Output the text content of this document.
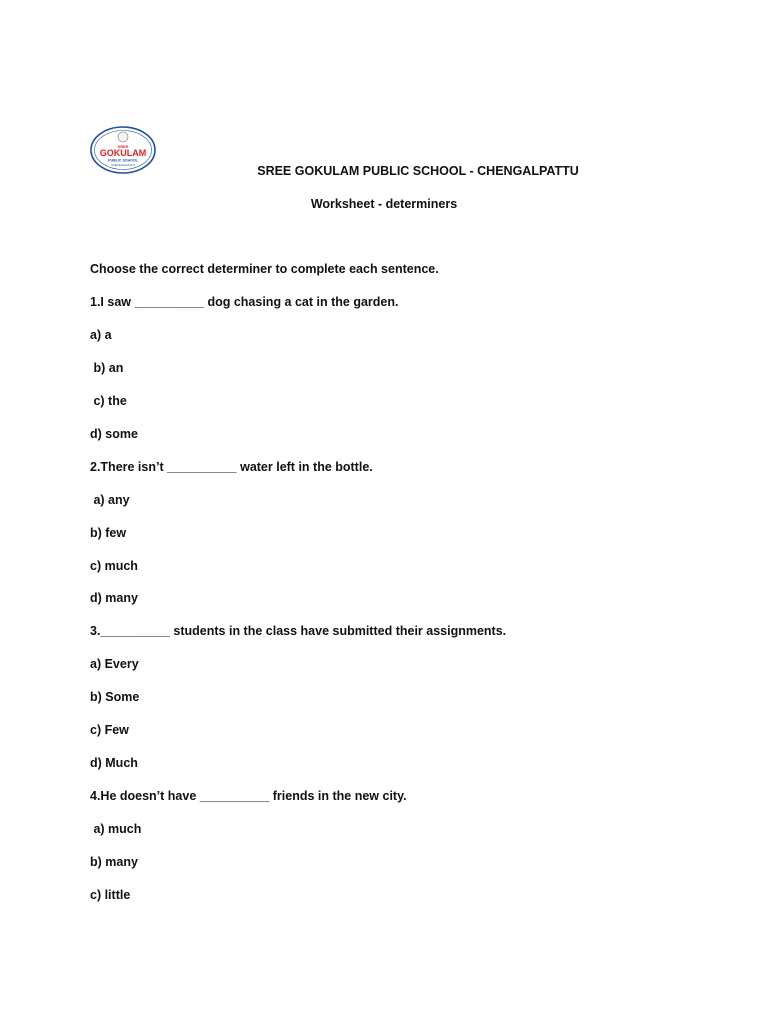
SREE
GOKULAM
PUBLIC SCHOOL
CHENGALPATTU	SREE GOKULAM PUBLIC SCHOOL - CHENGALPATTU
Worksheet - determiners
Choose the correct determiner to complete each sentence.
1.I saw __________ dog chasing a cat in the garden.
a) a
b) an
c) the
d) some
2.There isn’t __________ water left in the bottle.
a) any
b) few
c) much
d) many
3.__________ students in the class have submitted their assignments.
a) Every
b) Some
c) Few
d) Much
4.He doesn’t have __________ friends in the new city.
a) much
b) many
c) little
